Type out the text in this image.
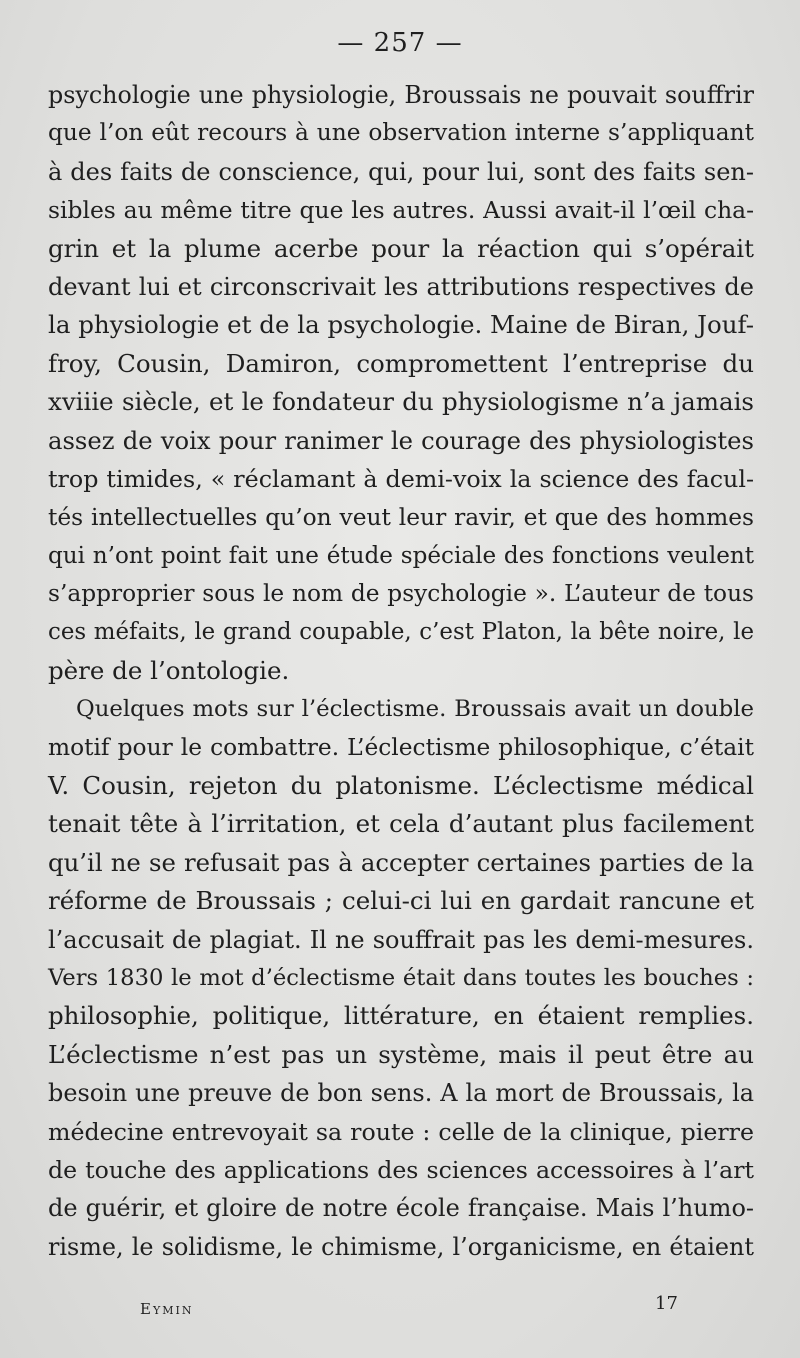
— 257 —
psychologie une physiologie, Broussais ne pouvait souffrir
que l’on eût recours à une observation interne s’appliquant
à des faits de conscience, qui, pour lui, sont des faits sen-
sibles au même titre que les autres. Aussi avait-il l’œil cha-
grin et la plume acerbe pour la réaction qui s’opérait
devant lui et circonscrivait les attributions respectives de
la physiologie et de la psychologie. Maine de Biran, Jouf-
froy, Cousin, Damiron, compromettent l’entreprise du
xviiie siècle, et le fondateur du physiologisme n’a jamais
assez de voix pour ranimer le courage des physiologistes
trop timides, « réclamant à demi-voix la science des facul-
tés intellectuelles qu’on veut leur ravir, et que des hommes
qui n’ont point fait une étude spéciale des fonctions veulent
s’approprier sous le nom de psychologie ». L’auteur de tous
ces méfaits, le grand coupable, c’est Platon, la bête noire, le
père de l’ontologie.
Quelques mots sur l’éclectisme. Broussais avait un double
motif pour le combattre. L’éclectisme philosophique, c’était
V. Cousin, rejeton du platonisme. L’éclectisme médical
tenait tête à l’irritation, et cela d’autant plus facilement
qu’il ne se refusait pas à accepter certaines parties de la
réforme de Broussais ; celui-ci lui en gardait rancune et
l’accusait de plagiat. Il ne souffrait pas les demi-mesures.
Vers 1830 le mot d’éclectisme était dans toutes les bouches :
philosophie, politique, littérature, en étaient remplies.
L’éclectisme n’est pas un système, mais il peut être au
besoin une preuve de bon sens. A la mort de Broussais, la
médecine entrevoyait sa route : celle de la clinique, pierre
de touche des applications des sciences accessoires à l’art
de guérir, et gloire de notre école française. Mais l’humo-
risme, le solidisme, le chimisme, l’organicisme, en étaient
Eymin	17
